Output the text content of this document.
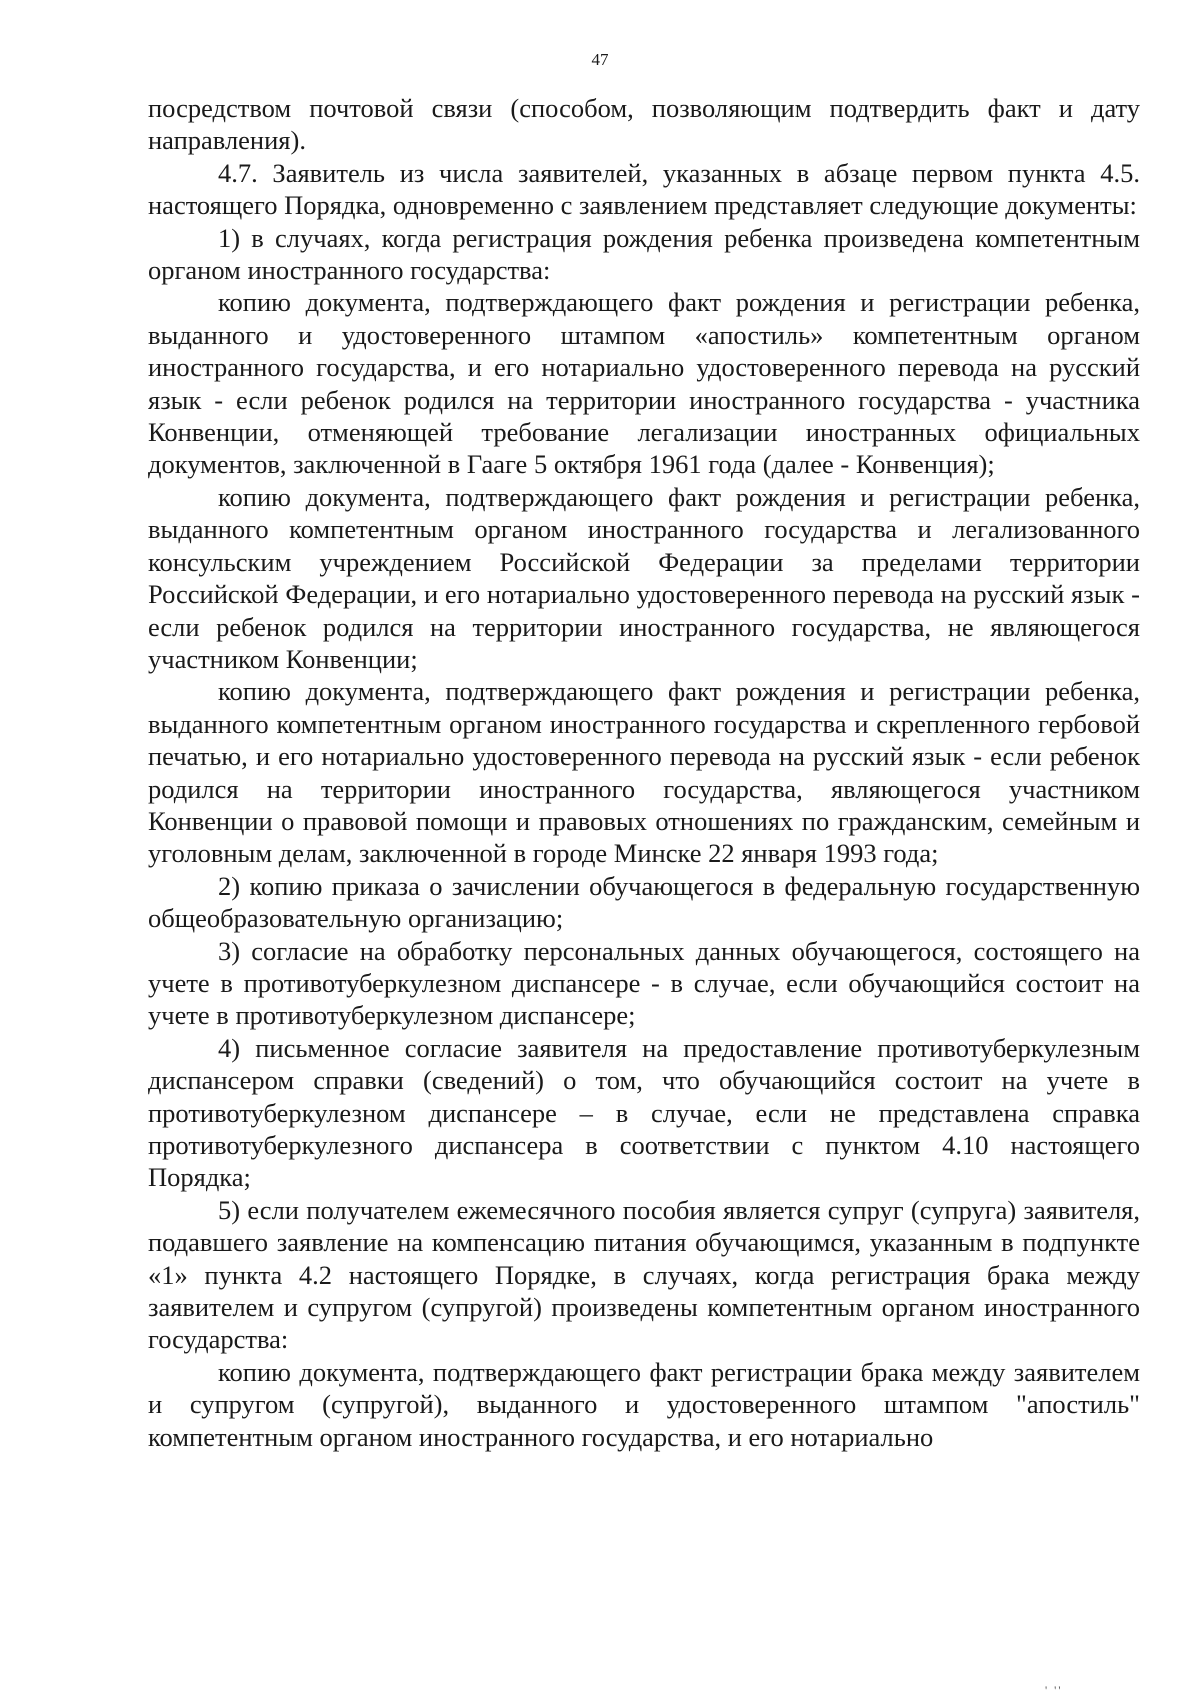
47

посредством почтовой связи (способом, позволяющим подтвердить факт и дату направления).

4.7. Заявитель из числа заявителей, указанных в абзаце первом пункта 4.5. настоящего Порядка, одновременно с заявлением представляет следующие документы:

1) в случаях, когда регистрация рождения ребенка произведена компетентным органом иностранного государства:

копию документа, подтверждающего факт рождения и регистрации ребенка, выданного и удостоверенного штампом «апостиль» компетентным органом иностранного государства, и его нотариально удостоверенного перевода на русский язык - если ребенок родился на территории иностранного государства - участника Конвенции, отменяющей требование легализации иностранных официальных документов, заключенной в Гааге 5 октября 1961 года (далее - Конвенция);

копию документа, подтверждающего факт рождения и регистрации ребенка, выданного компетентным органом иностранного государства и легализованного консульским учреждением Российской Федерации за пределами территории Российской Федерации, и его нотариально удостоверенного перевода на русский язык - если ребенок родился на территории иностранного государства, не являющегося участником Конвенции;

копию документа, подтверждающего факт рождения и регистрации ребенка, выданного компетентным органом иностранного государства и скрепленного гербовой печатью, и его нотариально удостоверенного перевода на русский язык - если ребенок родился на территории иностранного государства, являющегося участником Конвенции о правовой помощи и правовых отношениях по гражданским, семейным и уголовным делам, заключенной в городе Минске 22 января 1993 года;

2) копию приказа о зачислении обучающегося в федеральную государственную общеобразовательную организацию;

3) согласие на обработку персональных данных обучающегося, состоящего на учете в противотуберкулезном диспансере - в случае, если обучающийся состоит на учете в противотуберкулезном диспансере;

4) письменное согласие заявителя на предоставление противотуберкулезным диспансером справки (сведений) о том, что обучающийся состоит на учете в противотуберкулезном диспансере – в случае, если не представлена справка противотуберкулезного диспансера в соответствии с пунктом 4.10 настоящего Порядка;

5) если получателем ежемесячного пособия является супруг (супруга) заявителя, подавшего заявление на компенсацию питания обучающимся, указанным в подпункте «1» пункта 4.2 настоящего Порядке, в случаях, когда регистрация брака между заявителем и супругом (супругой) произведены компетентным органом иностранного государства:

копию документа, подтверждающего факт регистрации брака между заявителем и супругом (супругой), выданного и удостоверенного штампом "апостиль" компетентным органом иностранного государства, и его нотариально

' ''
